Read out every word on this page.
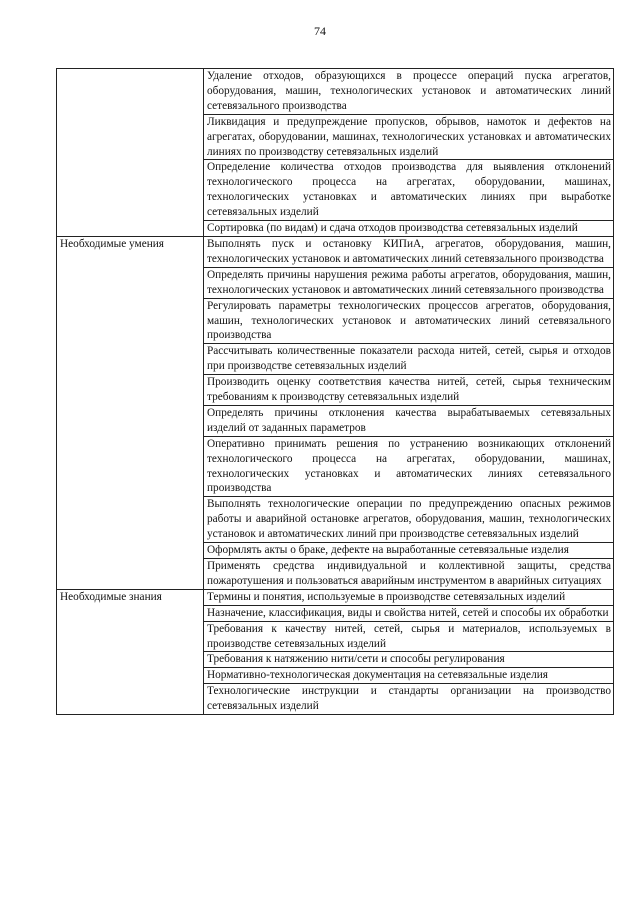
74
	Удаление отходов, образующихся в процессе операций пуска агрегатов, оборудования, машин, технологических установок и автоматических линий сетевязального производства
	Ликвидация и предупреждение пропусков, обрывов, намоток и дефектов на агрегатах, оборудовании, машинах, технологических установках и автоматических линиях по производству сетевязальных изделий
	Определение количества отходов производства для выявления отклонений технологического процесса на агрегатах, оборудовании, машинах, технологических установках и автоматических линиях при выработке сетевязальных изделий
	Сортировка (по видам) и сдача отходов производства сетевязальных изделий
Необходимые умения	Выполнять пуск и остановку КИПиА, агрегатов, оборудования, машин, технологических установок и автоматических линий сетевязального производства
	Определять причины нарушения режима работы агрегатов, оборудования, машин, технологических установок и автоматических линий сетевязального производства
	Регулировать параметры технологических процессов агрегатов, оборудования, машин, технологических установок и автоматических линий сетевязального производства
	Рассчитывать количественные показатели расхода нитей, сетей, сырья и отходов при производстве сетевязальных изделий
	Производить оценку соответствия качества нитей, сетей, сырья техническим требованиям к производству сетевязальных изделий
	Определять причины отклонения качества вырабатываемых сетевязальных изделий от заданных параметров
	Оперативно принимать решения по устранению возникающих отклонений технологического процесса на агрегатах, оборудовании, машинах, технологических установках и автоматических линиях сетевязального производства
	Выполнять технологические операции по предупреждению опасных режимов работы и аварийной остановке агрегатов, оборудования, машин, технологических установок и автоматических линий при производстве сетевязальных изделий
	Оформлять акты о браке, дефекте на выработанные сетевязальные изделия
	Применять средства индивидуальной и коллективной защиты, средства пожаротушения и пользоваться аварийным инструментом в аварийных ситуациях
Необходимые знания	Термины и понятия, используемые в производстве сетевязальных изделий
	Назначение, классификация, виды и свойства нитей, сетей и способы их обработки
	Требования к качеству нитей, сетей, сырья и материалов, используемых в производстве сетевязальных изделий
	Требования к натяжению нити/сети и способы регулирования
	Нормативно-технологическая документация на сетевязальные изделия
	Технологические инструкции и стандарты организации на производство сетевязальных изделий
